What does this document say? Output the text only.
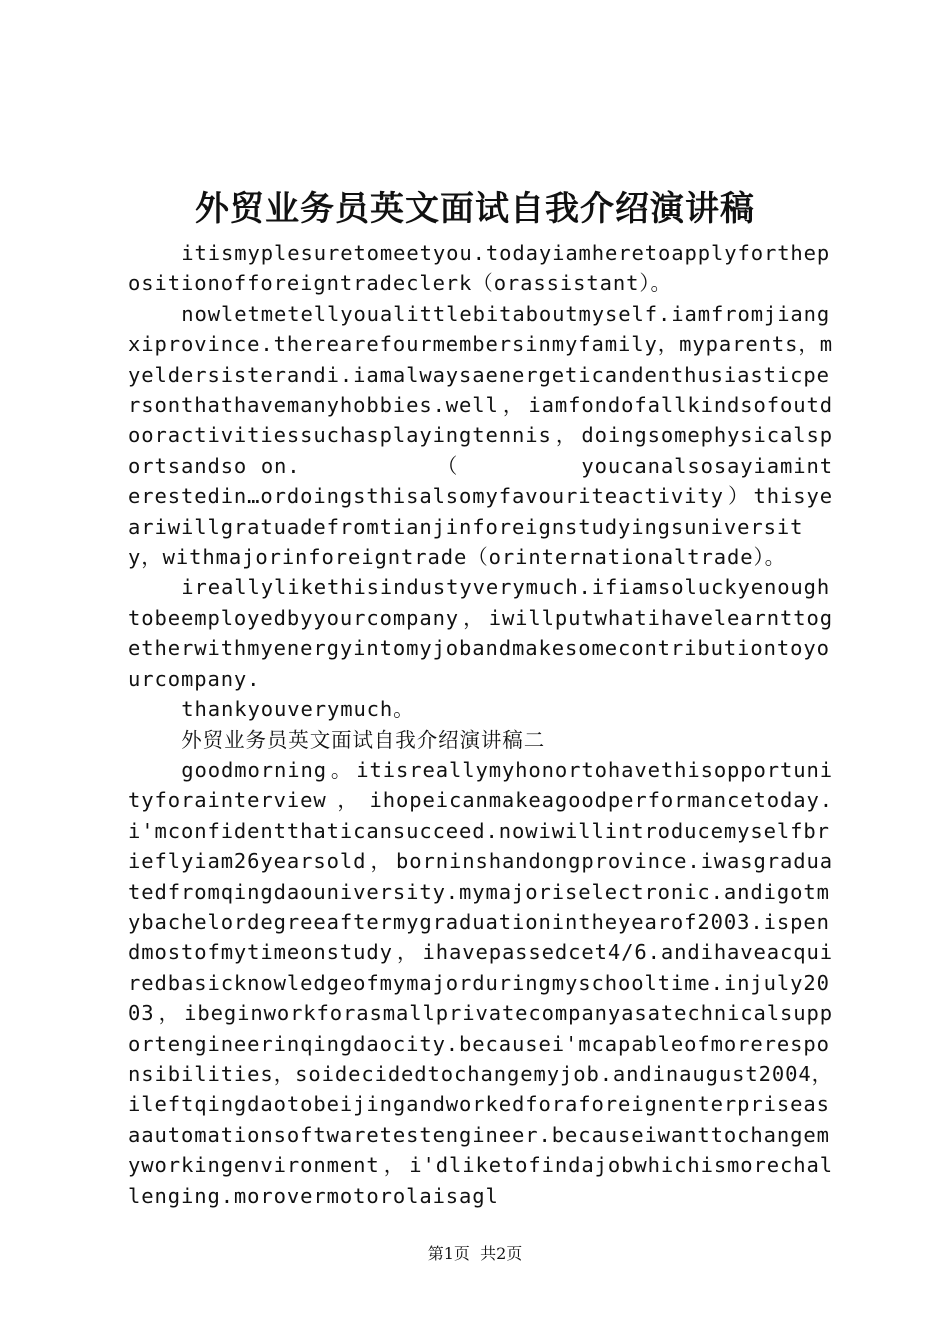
外贸业务员英文面试自我介绍演讲稿

itismyplesuretomeetyou.todayiamheretoapplyforthepositionofforeigntradeclerk（orassistant）。

nowletmetellyoualittlebitaboutmyself.iamfromjiangxiprovince.therearefourmembersinmyfamily，myparents，myeldersisterandi.iamalwaysaenergeticandenthusiasticpersonthathavemanyhobbies.well，iamfondofallkindsofoutdooractivitiessuchasplayingtennis，doingsomephysicalsportsandso on.          （         youcanalsosayiaminterestedin…ordoingsthisalsomyfavouriteactivity）thisyeariwillgratuadefromtianjinforeignstudyingsuniversity，withmajorinforeigntrade（orinternationaltrade）。

ireallylikethisindustyverymuch.ifiamsoluckyenoughtobeemployedbyyourcompany，iwillputwhatihavelearnttogetherwithmyenergyintomyjobandmakesomecontributiontoyourcompany.

thankyouverymuch。

外贸业务员英文面试自我介绍演讲稿二

goodmorning。itisreallymyhonortohavethisopportunityforainterview，ihopeicanmakeagoodperformancetoday.i'mconfidentthaticansucceed.nowiwillintroducemyselfbrieflyiam26yearsold，borninshandongprovince.iwasgraduatedfromqingdaouniversity.mymajoriselectronic.andigotmybachelordegreeaftermygraduationintheyearof2003.ispendmostofmytimeonstudy，ihavepassedcet4/6.andihaveacquiredbasicknowledgeofmymajorduringmyschooltime.injuly2003，ibeginworkforasmallprivatecompanyasatechnicalsupportengineerinqingdaocity.becausei'mcapableofmoreresponsibilities，soidecidedtochangemyjob.andinaugust2004，ileftqingdaotobeijingandworkedforaforeignenterpriseasaautomationsoftwaretestengineer.becauseiwanttochangemyworkingenvironment，i'dliketofindajobwhichismorechallenging.morovermotorolaisagl

第1页  共2页
